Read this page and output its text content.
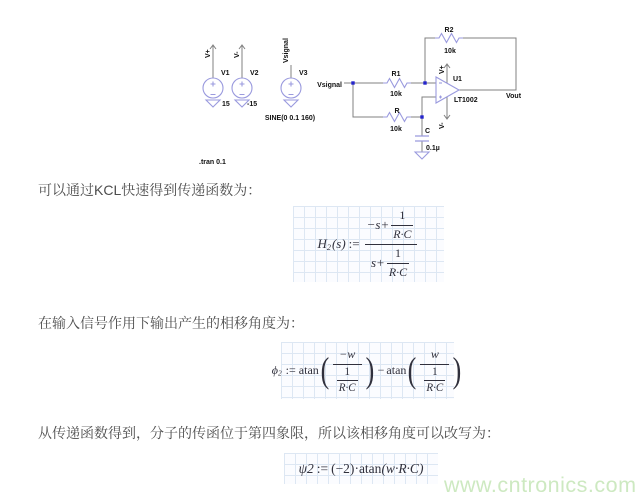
V1
15
V+
V2
-15
V-
V3
Vsignal
SINE(0 0.1 160)
Vsignal
R1
10k
R
10k
R2
10k
C
0.1µ
U1
LT1002
V+
V-
Vout
.tran 0.1
可以通过KCL快速得到传递函数为：
在输入信号作用下输出产生的相移角度为：
从传递函数得到，分子的传函位于第四象限，所以该相移角度可以改写为：
H 2 (s) := $\frac{-s+ \frac{1}{R\cdot C}}{s+ \frac{1}{R\cdot C}}$
ϕ 2 := atan ( $\frac{-w}{\frac{1}{R\cdot C}}$ ) − atan ( $\frac{w}{\frac{1}{R\cdot C}}$ )
ψ2 := (−2) · atan (w·R·C)
www.cntronics.com
